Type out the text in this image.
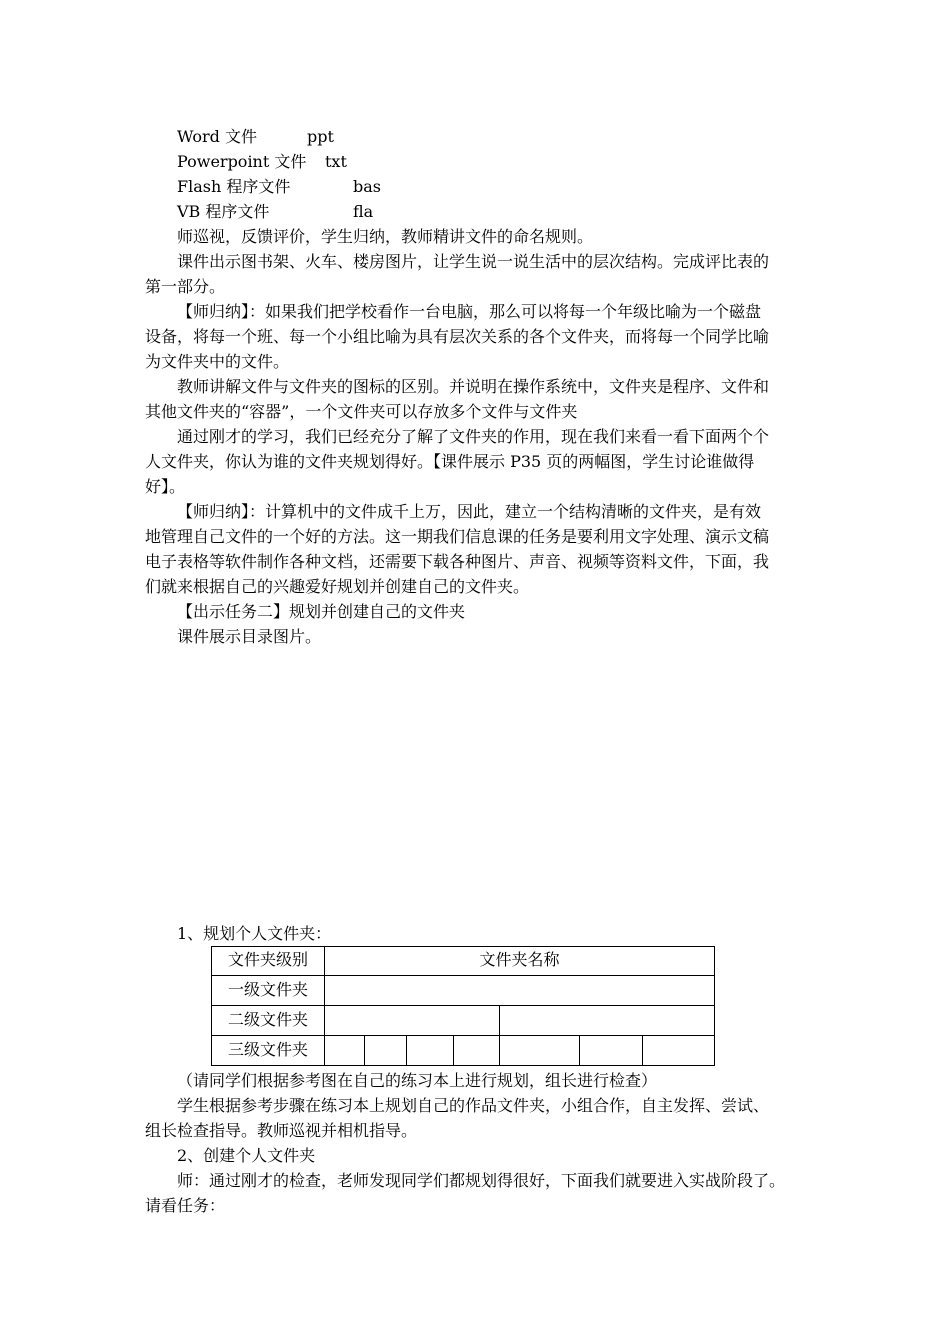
Word 文件	ppt
Powerpoint 文件 txt
Flash 程序文件	bas
VB 程序文件	fla
师巡视，反馈评价，学生归纳，教师精讲文件的命名规则。
课件出示图书架、火车、楼房图片，让学生说一说生活中的层次结构。完成评比表的
第一部分。
【师归纳】：如果我们把学校看作一台电脑，那么可以将每一个年级比喻为一个磁盘
设备，将每一个班、每一个小组比喻为具有层次关系的各个文件夹，而将每一个同学比喻
为文件夹中的文件。
教师讲解文件与文件夹的图标的区别。并说明在操作系统中，文件夹是程序、文件和
其他文件夹的“容器”，一个文件夹可以存放多个文件与文件夹
通过刚才的学习，我们已经充分了解了文件夹的作用，现在我们来看一看下面两个个
人文件夹，你认为谁的文件夹规划得好。【课件展示 P35 页的两幅图，学生讨论谁做得
好】。
【师归纳】：计算机中的文件成千上万，因此，建立一个结构清晰的文件夹，是有效
地管理自己文件的一个好的方法。这一期我们信息课的任务是要利用文字处理、演示文稿
电子表格等软件制作各种文档，还需要下载各种图片、声音、视频等资料文件，下面，我
们就来根据自己的兴趣爱好规划并创建自己的文件夹。
【出示任务二】规划并创建自己的文件夹
课件展示目录图片。
1、规划个人文件夹：
文件夹级别	文件夹名称
一级文件夹
二级文件夹
三级文件夹
（请同学们根据参考图在自己的练习本上进行规划，组长进行检查）
学生根据参考步骤在练习本上规划自己的作品文件夹，小组合作，自主发挥、尝试、
组长检查指导。教师巡视并相机指导。
2、创建个人文件夹
师：通过刚才的检查，老师发现同学们都规划得很好，下面我们就要进入实战阶段了。
请看任务：
